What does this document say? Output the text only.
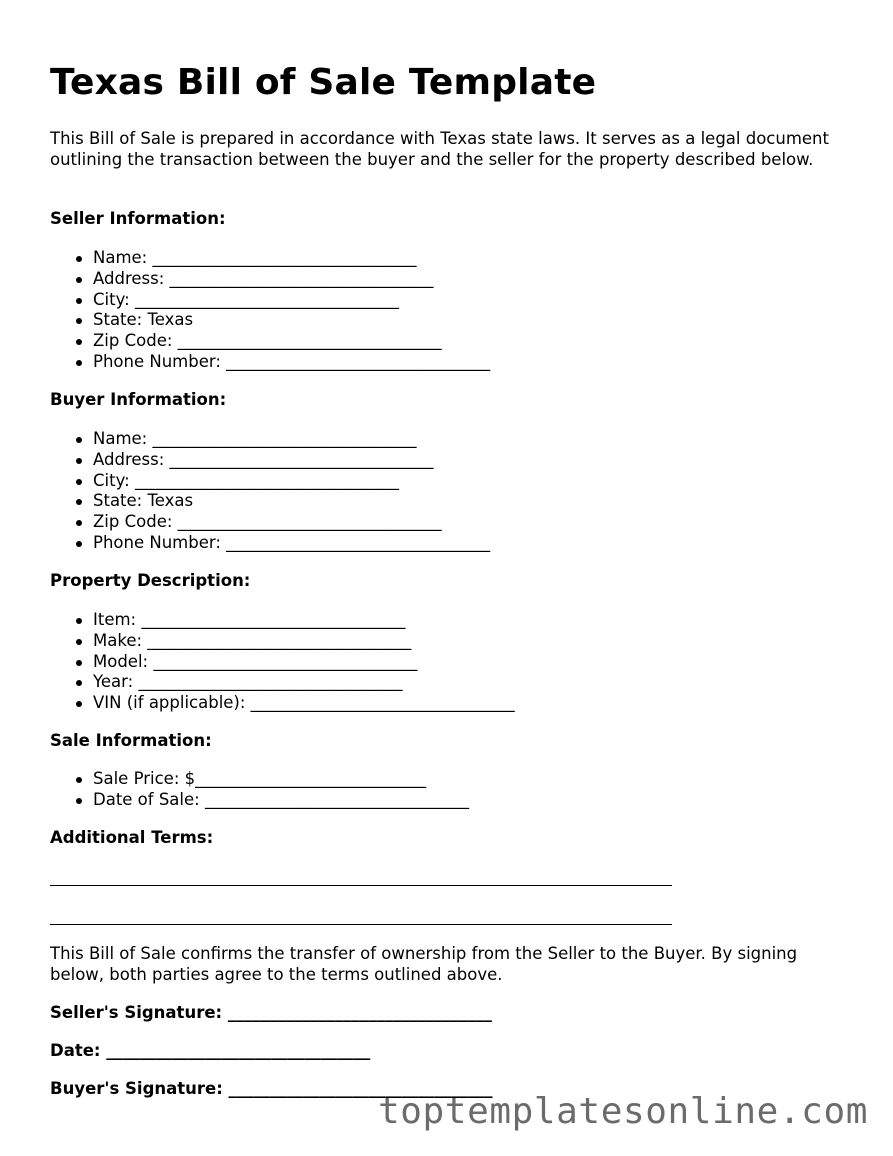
Texas Bill of Sale Template

This Bill of Sale is prepared in accordance with Texas state laws. It serves as a legal document outlining the transaction between the buyer and the seller for the property described below.

Seller Information:
Name: ________________________________
Address: ________________________________
City: ________________________________
State: Texas
Zip Code: ________________________________
Phone Number: ________________________________
Buyer Information:
Name: ________________________________
Address: ________________________________
City: ________________________________
State: Texas
Zip Code: ________________________________
Phone Number: ________________________________
Property Description:
Item: ________________________________
Make: ________________________________
Model: ________________________________
Year: ________________________________
VIN (if applicable): ________________________________
Sale Information:
Sale Price: $____________________________
Date of Sale: ________________________________
Additional Terms:

This Bill of Sale confirms the transfer of ownership from the Seller to the Buyer. By signing below, both parties agree to the terms outlined above.

Seller's Signature: ________________________________
Date: ________________________________
Buyer's Signature: ________________________________
toptemplatesonline.com
